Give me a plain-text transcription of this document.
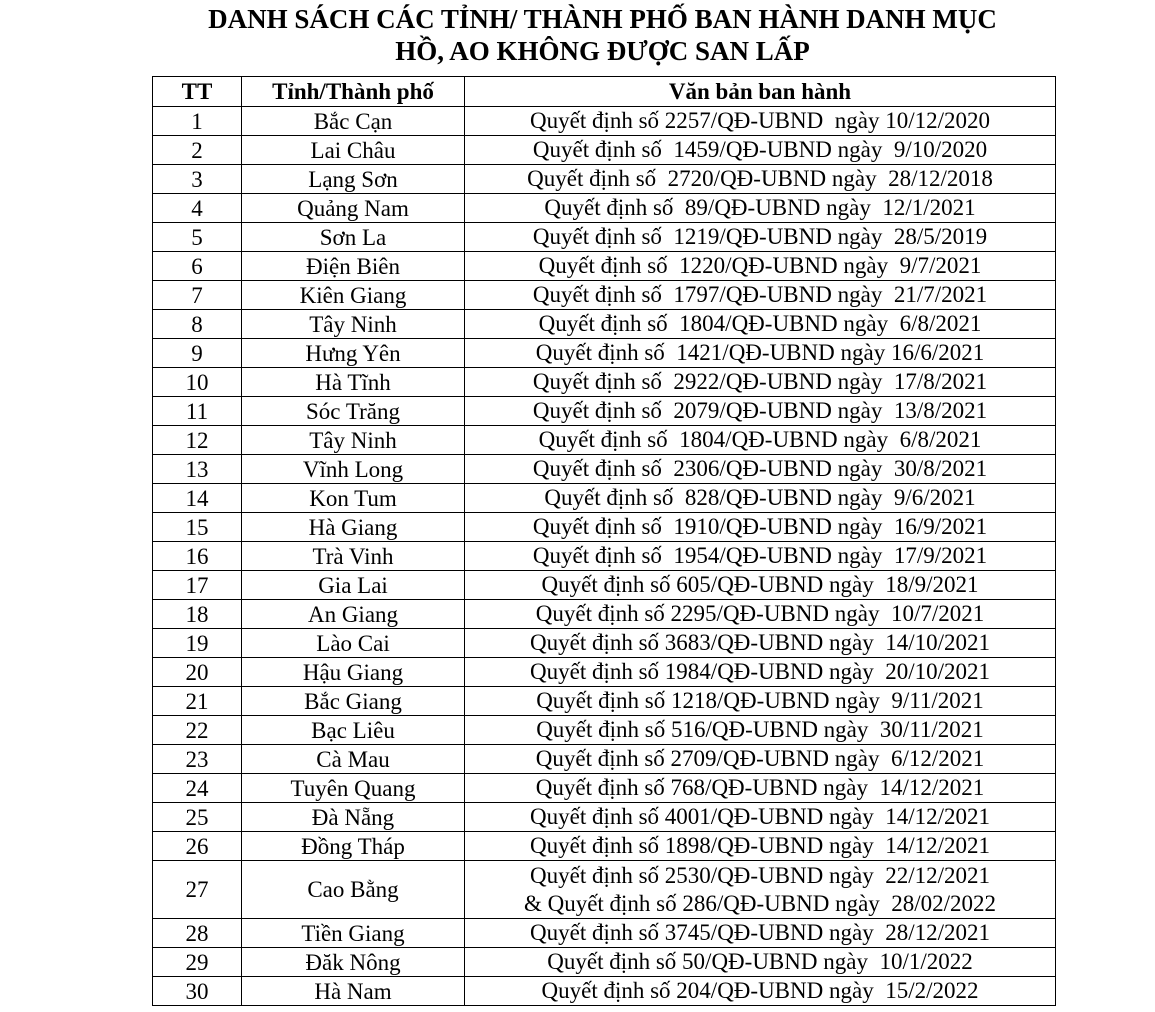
DANH SÁCH CÁC TỈNH/ THÀNH PHỐ BAN HÀNH DANH MỤC
HỒ, AO KHÔNG ĐƯỢC SAN LẤP
TT	Tỉnh/Thành phố	Văn bản ban hành
1	Bắc Cạn	Quyết định số 2257/QĐ-UBND  ngày 10/12/2020

2	Lai Châu	Quyết định số  1459/QĐ-UBND ngày  9/10/2020

3	Lạng Sơn	Quyết định số  2720/QĐ-UBND ngày  28/12/2018

4	Quảng Nam	Quyết định số  89/QĐ-UBND ngày  12/1/2021

5	Sơn La	Quyết định số  1219/QĐ-UBND ngày  28/5/2019

6	Điện Biên	Quyết định số  1220/QĐ-UBND ngày  9/7/2021

7	Kiên Giang	Quyết định số  1797/QĐ-UBND ngày  21/7/2021

8	Tây Ninh	Quyết định số  1804/QĐ-UBND ngày  6/8/2021

9	Hưng Yên	Quyết định số  1421/QĐ-UBND ngày 16/6/2021

10	Hà Tĩnh	Quyết định số  2922/QĐ-UBND ngày  17/8/2021

11	Sóc Trăng	Quyết định số  2079/QĐ-UBND ngày  13/8/2021

12	Tây Ninh	Quyết định số  1804/QĐ-UBND ngày  6/8/2021

13	Vĩnh Long	Quyết định số  2306/QĐ-UBND ngày  30/8/2021

14	Kon Tum	Quyết định số  828/QĐ-UBND ngày  9/6/2021

15	Hà Giang	Quyết định số  1910/QĐ-UBND ngày  16/9/2021

16	Trà Vinh	Quyết định số  1954/QĐ-UBND ngày  17/9/2021

17	Gia Lai	Quyết định số 605/QĐ-UBND ngày  18/9/2021

18	An Giang	Quyết định số 2295/QĐ-UBND ngày  10/7/2021

19	Lào Cai	Quyết định số 3683/QĐ-UBND ngày  14/10/2021

20	Hậu Giang	Quyết định số 1984/QĐ-UBND ngày  20/10/2021

21	Bắc Giang	Quyết định số 1218/QĐ-UBND ngày  9/11/2021

22	Bạc Liêu	Quyết định số 516/QĐ-UBND ngày  30/11/2021

23	Cà Mau	Quyết định số 2709/QĐ-UBND ngày  6/12/2021

24	Tuyên Quang	Quyết định số 768/QĐ-UBND ngày  14/12/2021

25	Đà Nẵng	Quyết định số 4001/QĐ-UBND ngày  14/12/2021

26	Đồng Tháp	Quyết định số 1898/QĐ-UBND ngày  14/12/2021

27	Cao Bằng	Quyết định số 2530/QĐ-UBND ngày  22/12/2021
& Quyết định số 286/QĐ-UBND ngày  28/02/2022

28	Tiền Giang	Quyết định số 3745/QĐ-UBND ngày  28/12/2021

29	Đăk Nông	Quyết định số 50/QĐ-UBND ngày  10/1/2022

30	Hà Nam	Quyết định số 204/QĐ-UBND ngày  15/2/2022
